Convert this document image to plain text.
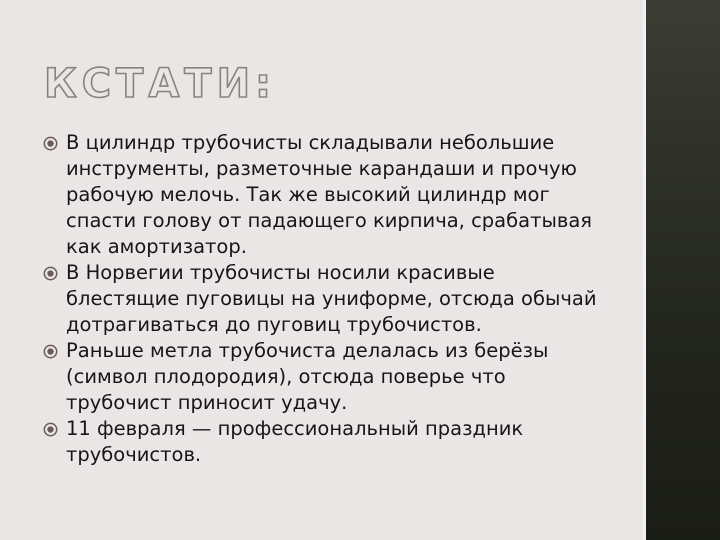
КСТАТИ:
В цилиндр трубочисты складывали небольшие инструменты, разметочные карандаши и прочую рабочую мелочь. Так же высокий цилиндр мог спасти голову от падающего кирпича, срабатывая как амортизатор.
В Норвегии трубочисты носили красивые блестящие пуговицы на униформе, отсюда обычай дотрагиваться до пуговиц трубочистов.
Раньше метла трубочиста делалась из берёзы (символ плодородия), отсюда поверье что трубочист приносит удачу.
11 февраля — профессиональный праздник трубочистов.
